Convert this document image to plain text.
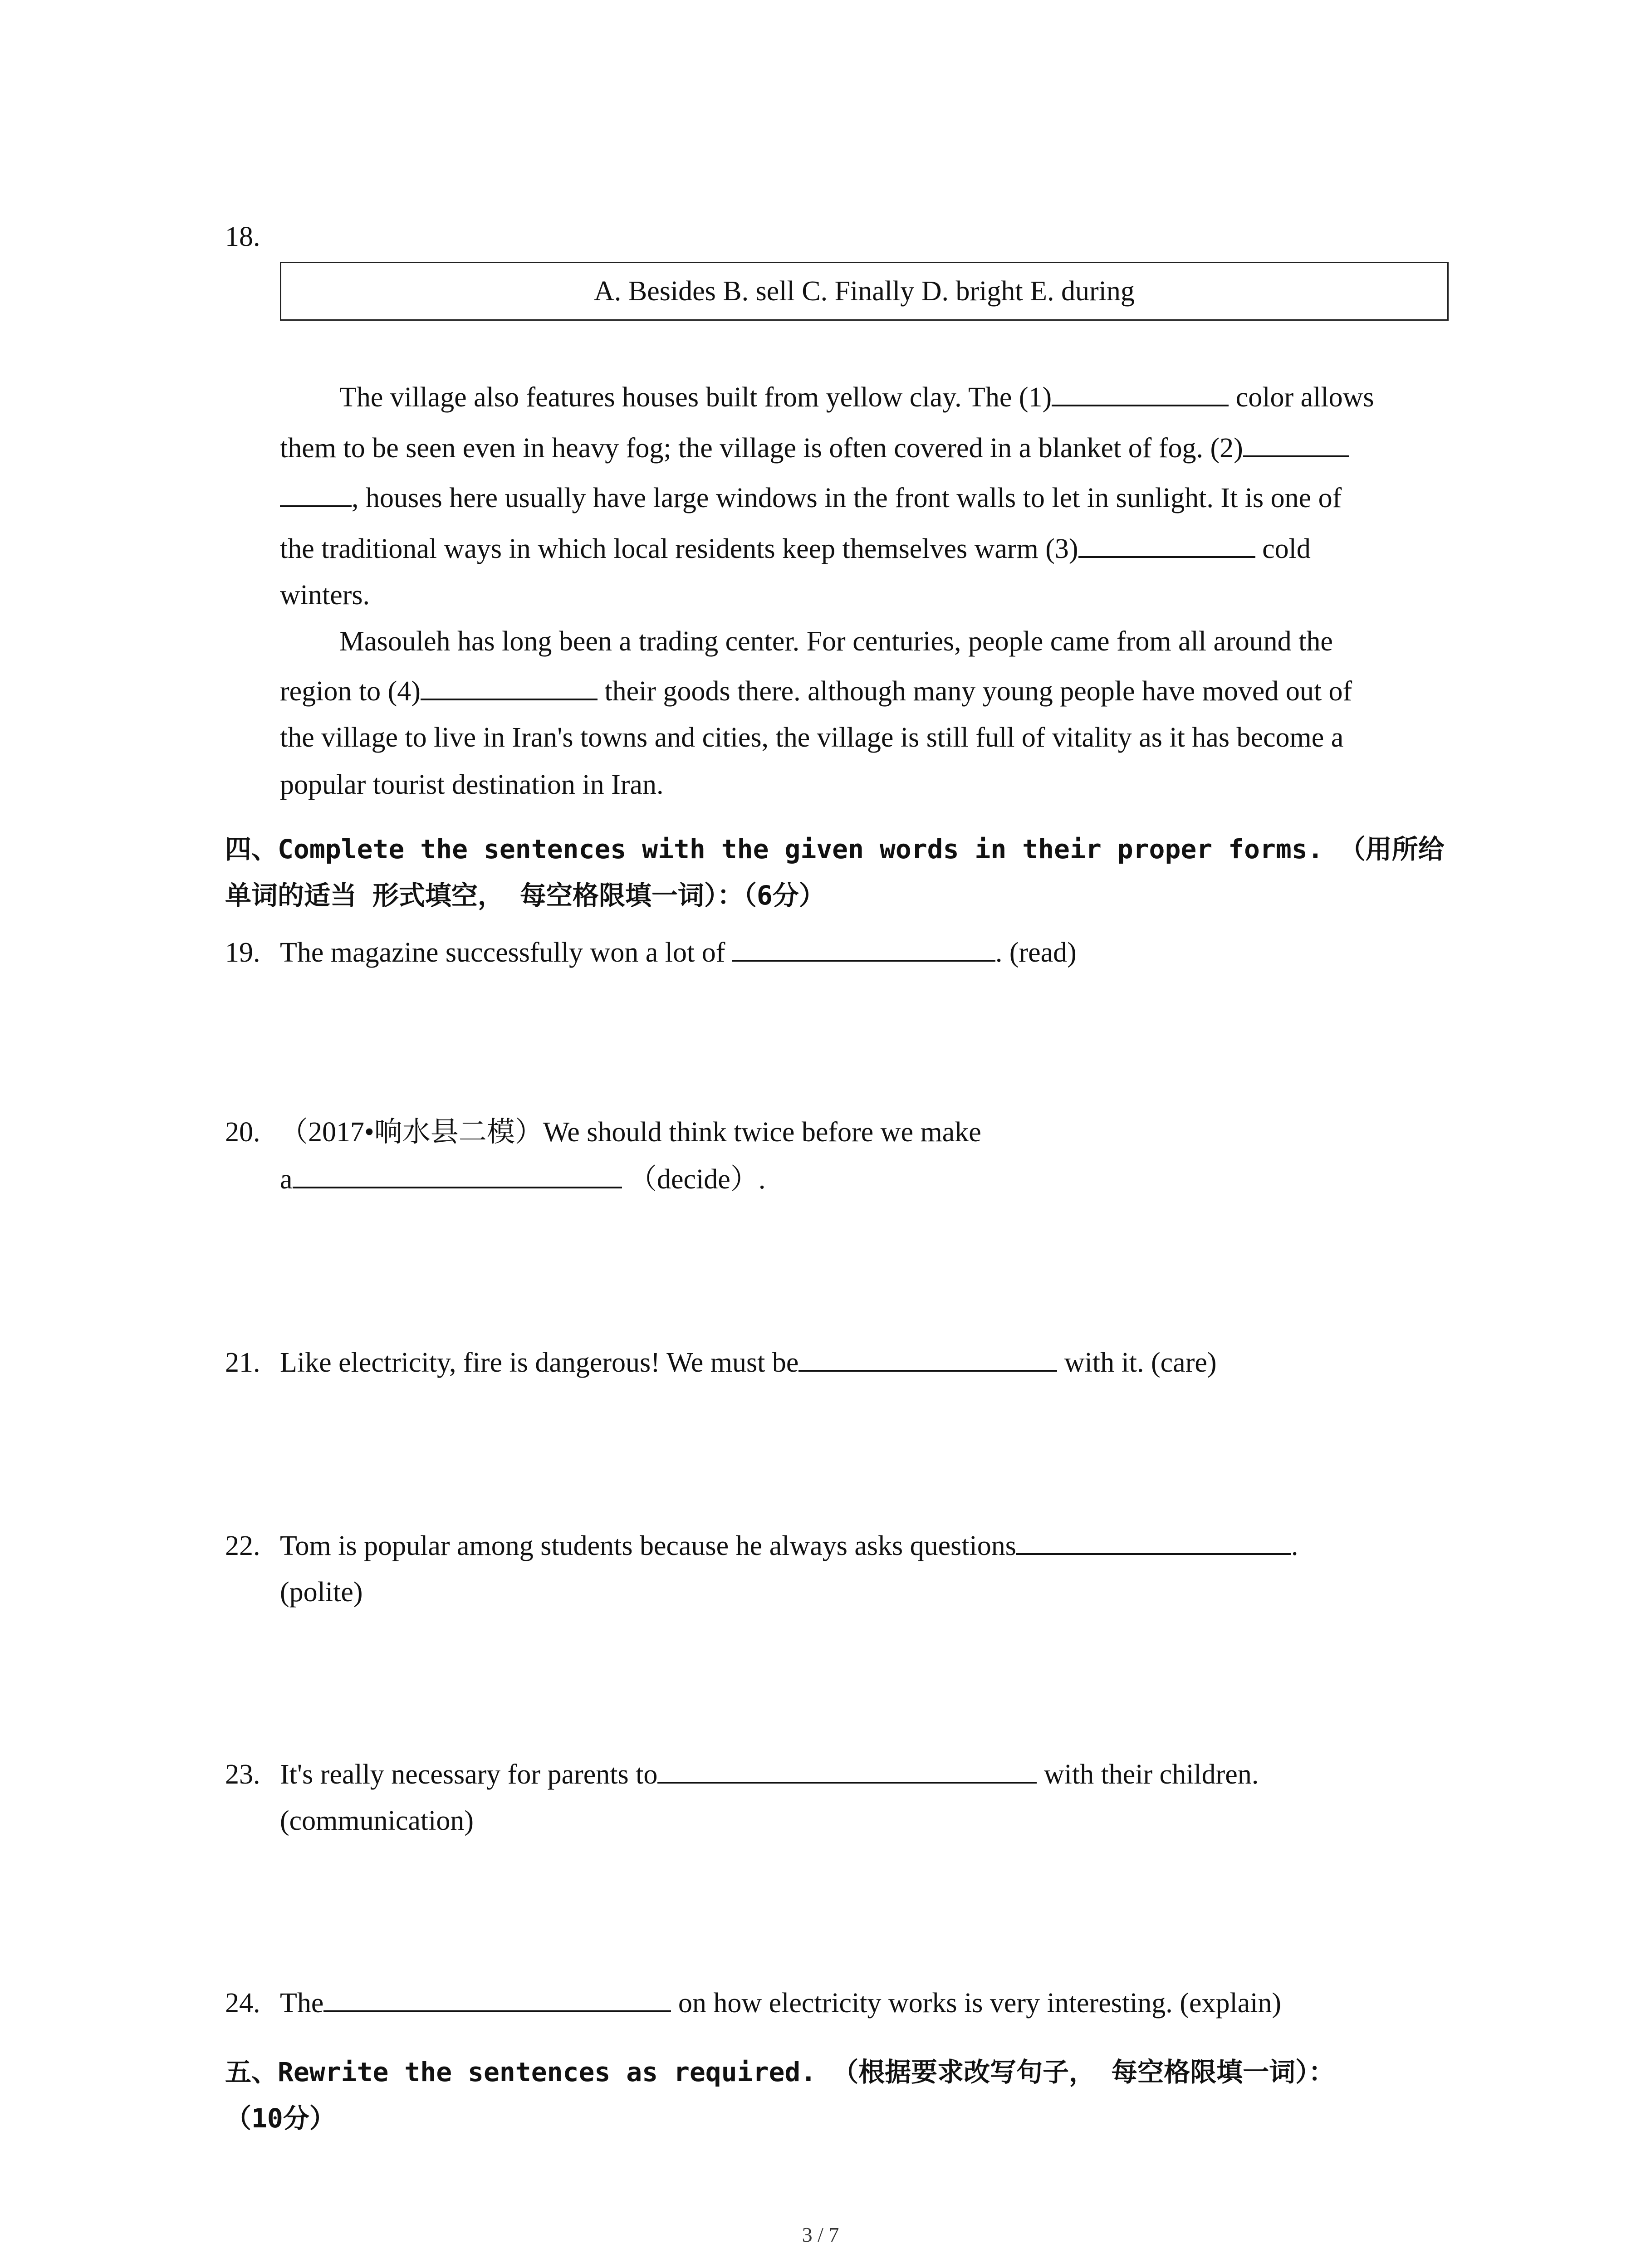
18.
A. Besides B. sell C. Finally D. bright E. during
The village also features houses built from yellow clay. The (1)	color allows
them to be seen even in heavy fog; the village is often covered in a blanket of fog. (2)
, houses here usually have large windows in the front walls to let in sunlight. It is one of
the traditional ways in which local residents keep themselves warm (3)	cold
winters.
Masouleh has long been a trading center. For centuries, people came from all around the
region to (4)	their goods there. although many young people have moved out of
the village to live in Iran's towns and cities, the village is still full of vitality as it has become a
popular tourist destination in Iran.
四、Complete the sentences with the given words in their proper forms. （用所给
单词的适当 形式填空， 每空格限填一词）：（6分）
19. The magazine successfully won a lot of	. (read)
20. （2017•响水县二模）We should think twice before we make
a	（decide）.
21. Like electricity, fire is dangerous! We must be	with it. (care)
22. Tom is popular among students because he always asks questions	.
(polite)
23. It's really necessary for parents to	with their children.
(communication)
24. The	on how electricity works is very interesting. (explain)
五、Rewrite the sentences as required. （根据要求改写句子， 每空格限填一词）：
（10分）
3 / 7
